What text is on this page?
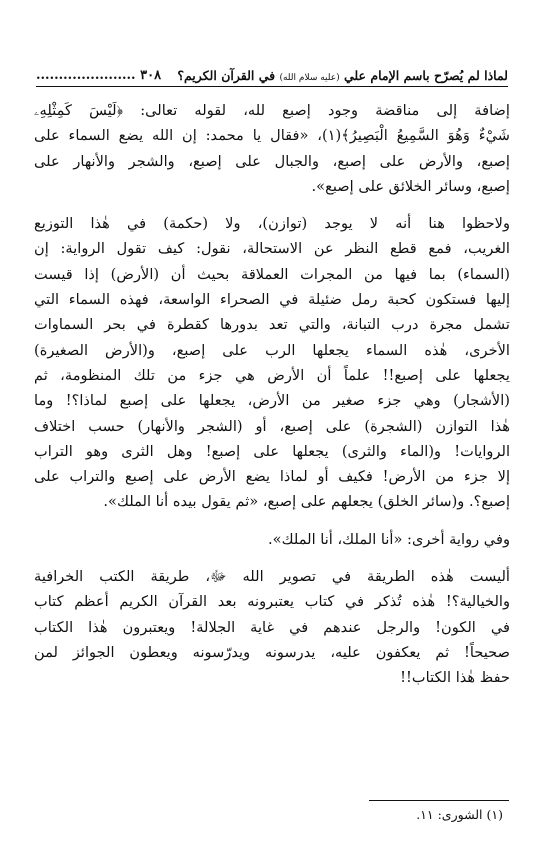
لماذا لم يُصرّح باسم الإمام علي (عليه سلام الله) في القرآن الكريم؟
٣٠٨ ......................
إضافة إلى مناقضة وجود إصبع لله، لقوله تعالى: ﴿لَيْسَ كَمِثْلِهِۦ
شَيْءٌ وَهُوَ السَّمِيعُ الْبَصِيرُ﴾(١)، «فقال يا محمد: إن الله يضع السماء على
إصبع، والأرض على إصبع، والجبال على إصبع، والشجر والأنهار على
إصبع، وسائر الخلائق على إصبع».
ولاحظوا هنا أنه لا يوجد (توازن)، ولا (حكمة) في هٰذا التوزيع
الغريب، فمع قطع النظر عن الاستحالة، نقول: كيف تقول الرواية: إن
(السماء) بما فيها من المجرات العملاقة بحيث أن (الأرض) إذا قيست
إليها فستكون كحبة رمل ضئيلة في الصحراء الواسعة، فهذه السماء التي
تشمل مجرة درب التبانة، والتي تعد بدورها كقطرة في بحر السماوات
الأخرى، هٰذه السماء يجعلها الرب على إصبع، و(الأرض الصغيرة)
يجعلها على إصبع!! علماً أن الأرض هي جزء من تلك المنظومة، ثم
(الأشجار) وهي جزء صغير من الأرض، يجعلها على إصبع لماذا؟! وما
هٰذا التوازن (الشجرة) على إصبع، أو (الشجر والأنهار) حسب اختلاف
الروايات! و(الماء والثرى) يجعلها على إصبع! وهل الثرى وهو التراب
إلا جزء من الأرض! فكيف أو لماذا يضع الأرض على إصبع والتراب على
إصبع؟. و(سائر الخلق) يجعلهم على إصبع، «ثم يقول بيده أنا الملك».
وفي رواية أخرى: «أنا الملك، أنا الملك».
أليست هٰذه الطريقة في تصوير الله ﷻ، طريقة الكتب الخرافية
والخيالية؟! هٰذه تُذكر في كتاب يعتبرونه بعد القرآن الكريم أعظم كتاب
في الكون! والرجل عندهم في غاية الجلالة! ويعتبرون هٰذا الكتاب
صحيحاً! ثم يعكفون عليه، يدرسونه ويدرّسونه ويعطون الجوائز لمن
حفظ هٰذا الكتاب!!
(١) الشورى: ١١.
